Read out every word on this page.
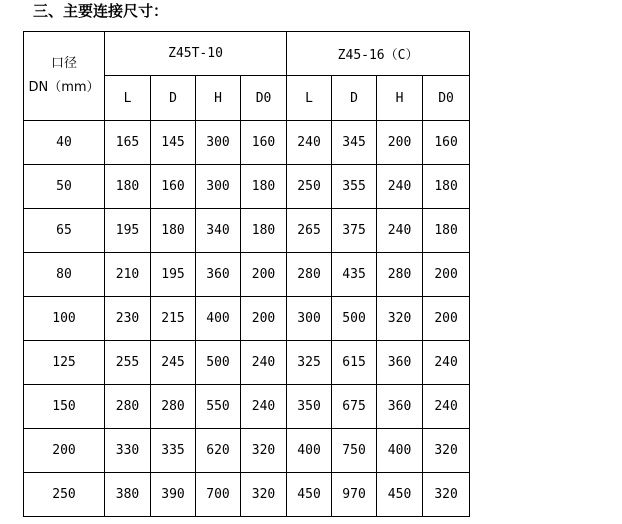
三、主要连接尺寸：
口径
DN（mm）	Z45T-10				Z45-16（C）			
	L	D	H	D0	L	D	H	D0
40	165	145	300	160	240	345	200	160
50	180	160	300	180	250	355	240	180
65	195	180	340	180	265	375	240	180
80	210	195	360	200	280	435	280	200
100	230	215	400	200	300	500	320	200
125	255	245	500	240	325	615	360	240
150	280	280	550	240	350	675	360	240
200	330	335	620	320	400	750	400	320
250	380	390	700	320	450	970	450	320
